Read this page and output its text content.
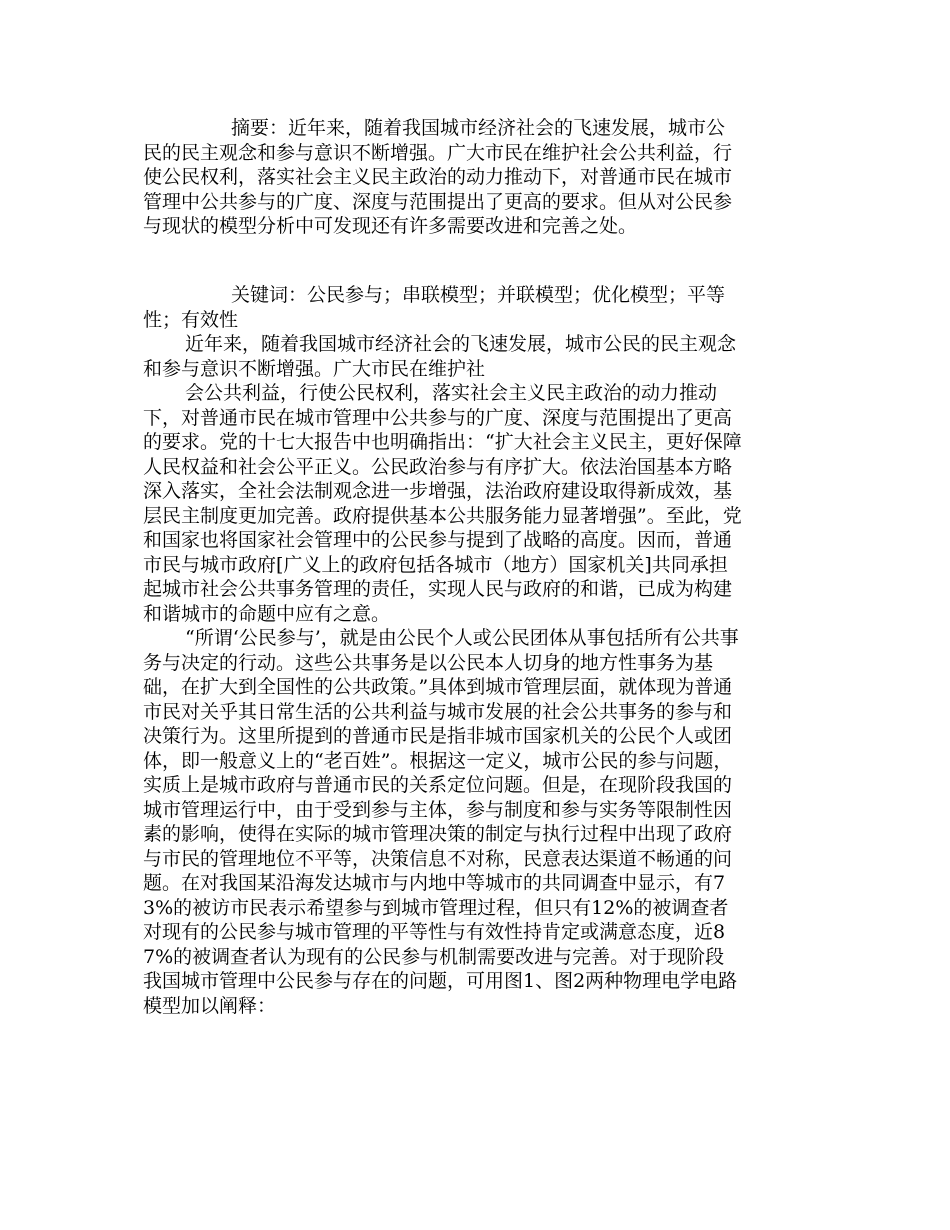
摘要：近年来，随着我国城市经济社会的飞速发展，城市公民的民主观念和参与意识不断增强。广大市民在维护社会公共利益，行使公民权利，落实社会主义民主政治的动力推动下，对普通市民在城市管理中公共参与的广度、深度与范围提出了更高的要求。但从对公民参与现状的模型分析中可发现还有许多需要改进和完善之处。
关键词：公民参与；串联模型；并联模型；优化模型；平等性；有效性

近年来，随着我国城市经济社会的飞速发展，城市公民的民主观念和参与意识不断增强。广大市民在维护社

会公共利益，行使公民权利，落实社会主义民主政治的动力推动下，对普通市民在城市管理中公共参与的广度、深度与范围提出了更高的要求。党的十七大报告中也明确指出：“扩大社会主义民主，更好保障人民权益和社会公平正义。公民政治参与有序扩大。依法治国基本方略深入落实，全社会法制观念进一步增强，法治政府建设取得新成效，基层民主制度更加完善。政府提供基本公共服务能力显著增强”。至此，党和国家也将国家社会管理中的公民参与提到了战略的高度。因而，普通市民与城市政府[广义上的政府包括各城市（地方）国家机关]共同承担起城市社会公共事务管理的责任，实现人民与政府的和谐，已成为构建和谐城市的命题中应有之意。

“所谓‘公民参与’，就是由公民个人或公民团体从事包括所有公共事务与决定的行动。这些公共事务是以公民本人切身的地方性事务为基础，在扩大到全国性的公共政策。”具体到城市管理层面，就体现为普通市民对关乎其日常生活的公共利益与城市发展的社会公共事务的参与和决策行为。这里所提到的普通市民是指非城市国家机关的公民个人或团体，即一般意义上的“老百姓”。根据这一定义，城市公民的参与问题，实质上是城市政府与普通市民的关系定位问题。但是，在现阶段我国的城市管理运行中，由于受到参与主体，参与制度和参与实务等限制性因素的影响，使得在实际的城市管理决策的制定与执行过程中出现了政府与市民的管理地位不平等，决策信息不对称，民意表达渠道不畅通的问题。在对我国某沿海发达城市与内地中等城市的共同调查中显示，有73%的被访市民表示希望参与到城市管理过程，但只有12%的被调查者对现有的公民参与城市管理的平等性与有效性持肯定或满意态度，近87%的被调查者认为现有的公民参与机制需要改进与完善。对于现阶段我国城市管理中公民参与存在的问题，可用图1、图2两种物理电学电路模型加以阐释：
